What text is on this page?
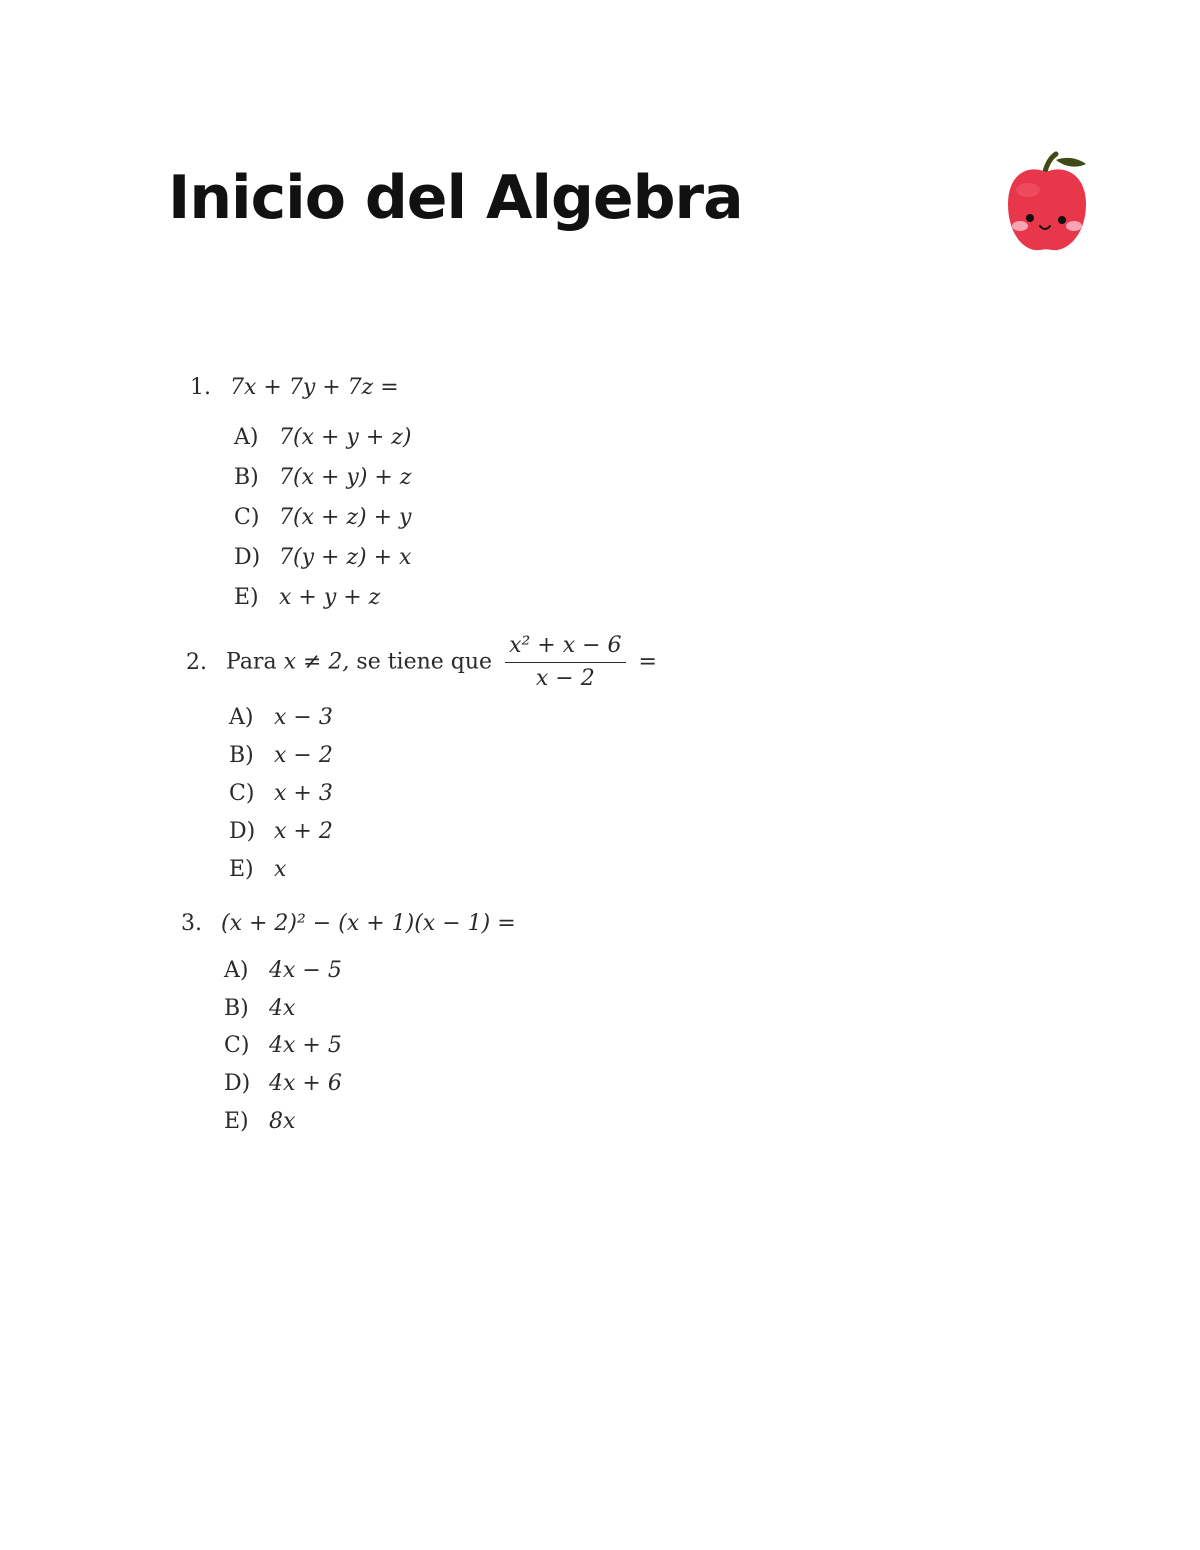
Inicio del Algebra
1. 7x + 7y + 7z =
A) 7(x + y + z)
B) 7(x + y) + z
C) 7(x + z) + y
D) 7(y + z) + x
E) x + y + z
2. Para x ≠ 2, se tiene que $\frac{\text{x² + x − 6}}{x - 2}$ =
A) x − 3
B) x − 2
C) x + 3
D) x + 2
E) x
3. (x + 2)² − (x + 1)(x − 1) =
A) 4x − 5
B) 4x
C) 4x + 5
D) 4x + 6
E) 8x
